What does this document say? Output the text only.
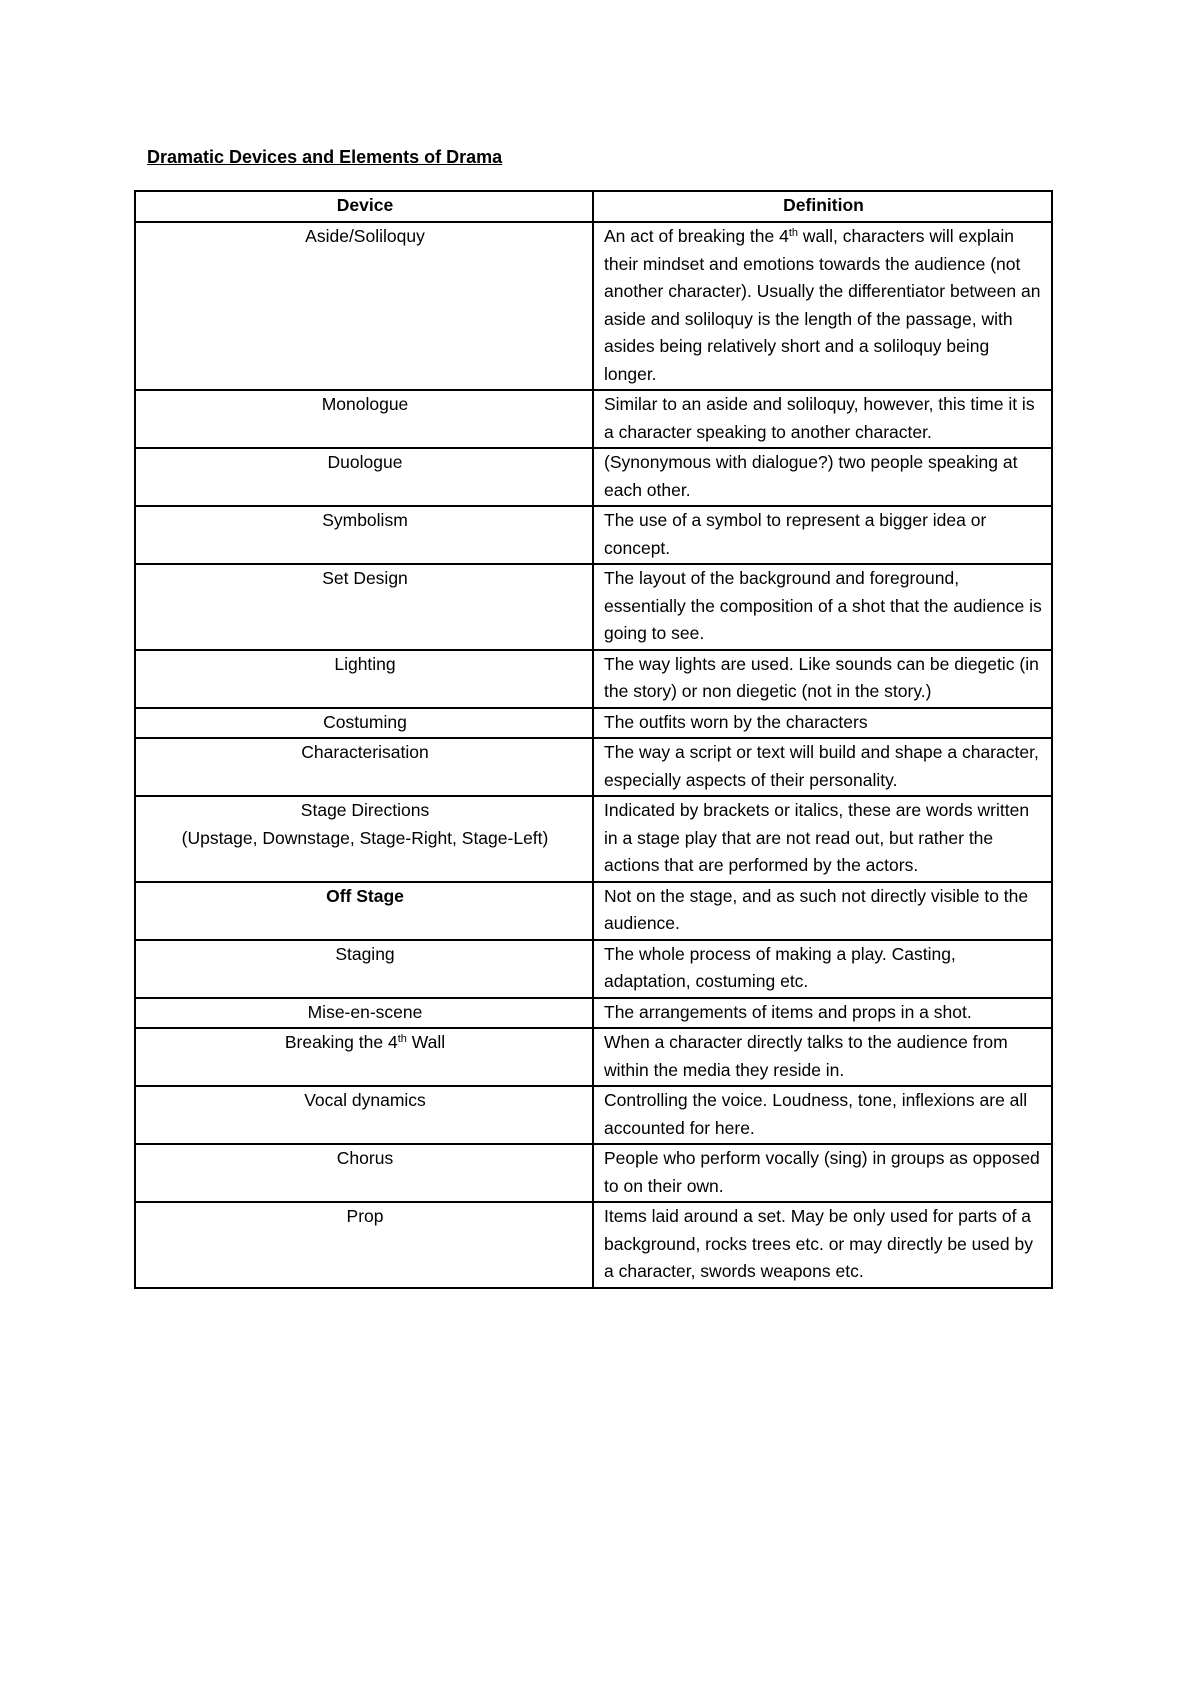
Dramatic Devices and Elements of Drama
Device	Definition
Aside/Soliloquy	An act of breaking the 4th wall, characters will explain their mindset and emotions towards the audience (not another character). Usually the differentiator between an aside and soliloquy is the length of the passage, with asides being relatively short and a soliloquy being longer.
Monologue	Similar to an aside and soliloquy, however, this time it is a character speaking to another character.
Duologue	(Synonymous with dialogue?) two people speaking at each other.
Symbolism	The use of a symbol to represent a bigger idea or concept.
Set Design	The layout of the background and foreground, essentially the composition of a shot that the audience is going to see.
Lighting	The way lights are used. Like sounds can be diegetic (in the story) or non diegetic (not in the story.)
Costuming	The outfits worn by the characters
Characterisation	The way a script or text will build and shape a character, especially aspects of their personality.

Stage Directions
(Upstage, Downstage, Stage-Right, Stage-Left)	Indicated by brackets or italics, these are words written in a stage play that are not read out, but rather the actions that are performed by the actors.
Off Stage	Not on the stage, and as such not directly visible to the audience.
Staging	The whole process of making a play. Casting, adaptation, costuming etc.
Mise-en-scene	The arrangements of items and props in a shot.
Breaking the 4th Wall	When a character directly talks to the audience from within the media they reside in.
Vocal dynamics	Controlling the voice. Loudness, tone, inflexions are all accounted for here.
Chorus	People who perform vocally (sing) in groups as opposed to on their own.
Prop	Items laid around a set. May be only used for parts of a background, rocks trees etc. or may directly be used by a character, swords weapons etc.
